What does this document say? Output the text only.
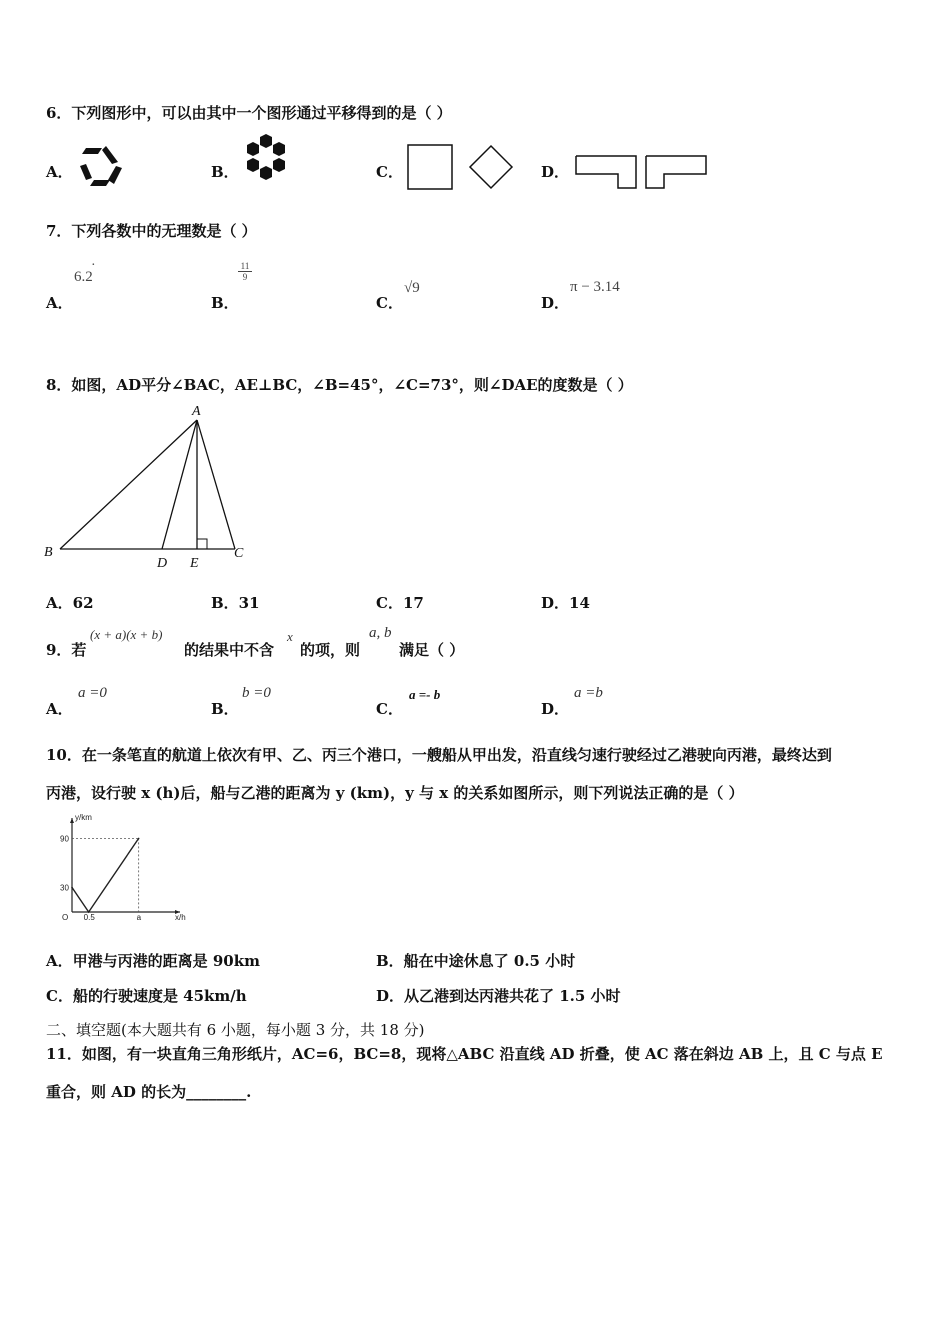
6．下列图形中，可以由其中一个图形通过平移得到的是（ ）
A．	B．	C．	D．
7．下列各数中的无理数是（ ）
A．
6.2
·
B．
$\frac{11}{9}$
C．
√9
D．
π − 3.14
8．如图，AD平分∠BAC，AE⊥BC，∠B=45°，∠C=73°，则∠DAE的度数是（ ）
A
B	C
D E
A．62	B．31	C．17	D．14
9．若
(x + a)(x + b)
的结果中不含
x
的项，则
a, b
满足（ ）
A．
a =0
B．
b =0
C．
a =- b
D．
a =b
10．在一条笔直的航道上依次有甲、乙、丙三个港口，一艘船从甲出发，沿直线匀速行驶经过乙港驶向丙港，最终达到
丙港，设行驶 x (h)后，船与乙港的距离为 y (km)，y 与 x 的关系如图所示，则下列说法正确的是（ ）
O 0.5	a
30
90
y/km
x/h
A．甲港与丙港的距离是 90km	B．船在中途休息了 0.5 小时
C．船的行驶速度是 45km/h	D．从乙港到达丙港共花了 1.5 小时
二、填空题(本大题共有 6 小题，每小题 3 分，共 18 分)
11．如图，有一块直角三角形纸片，AC=6，BC=8，现将△ABC 沿直线 AD 折叠，使 AC 落在斜边 AB 上，且 C 与点 E
重合，则 AD 的长为________.
